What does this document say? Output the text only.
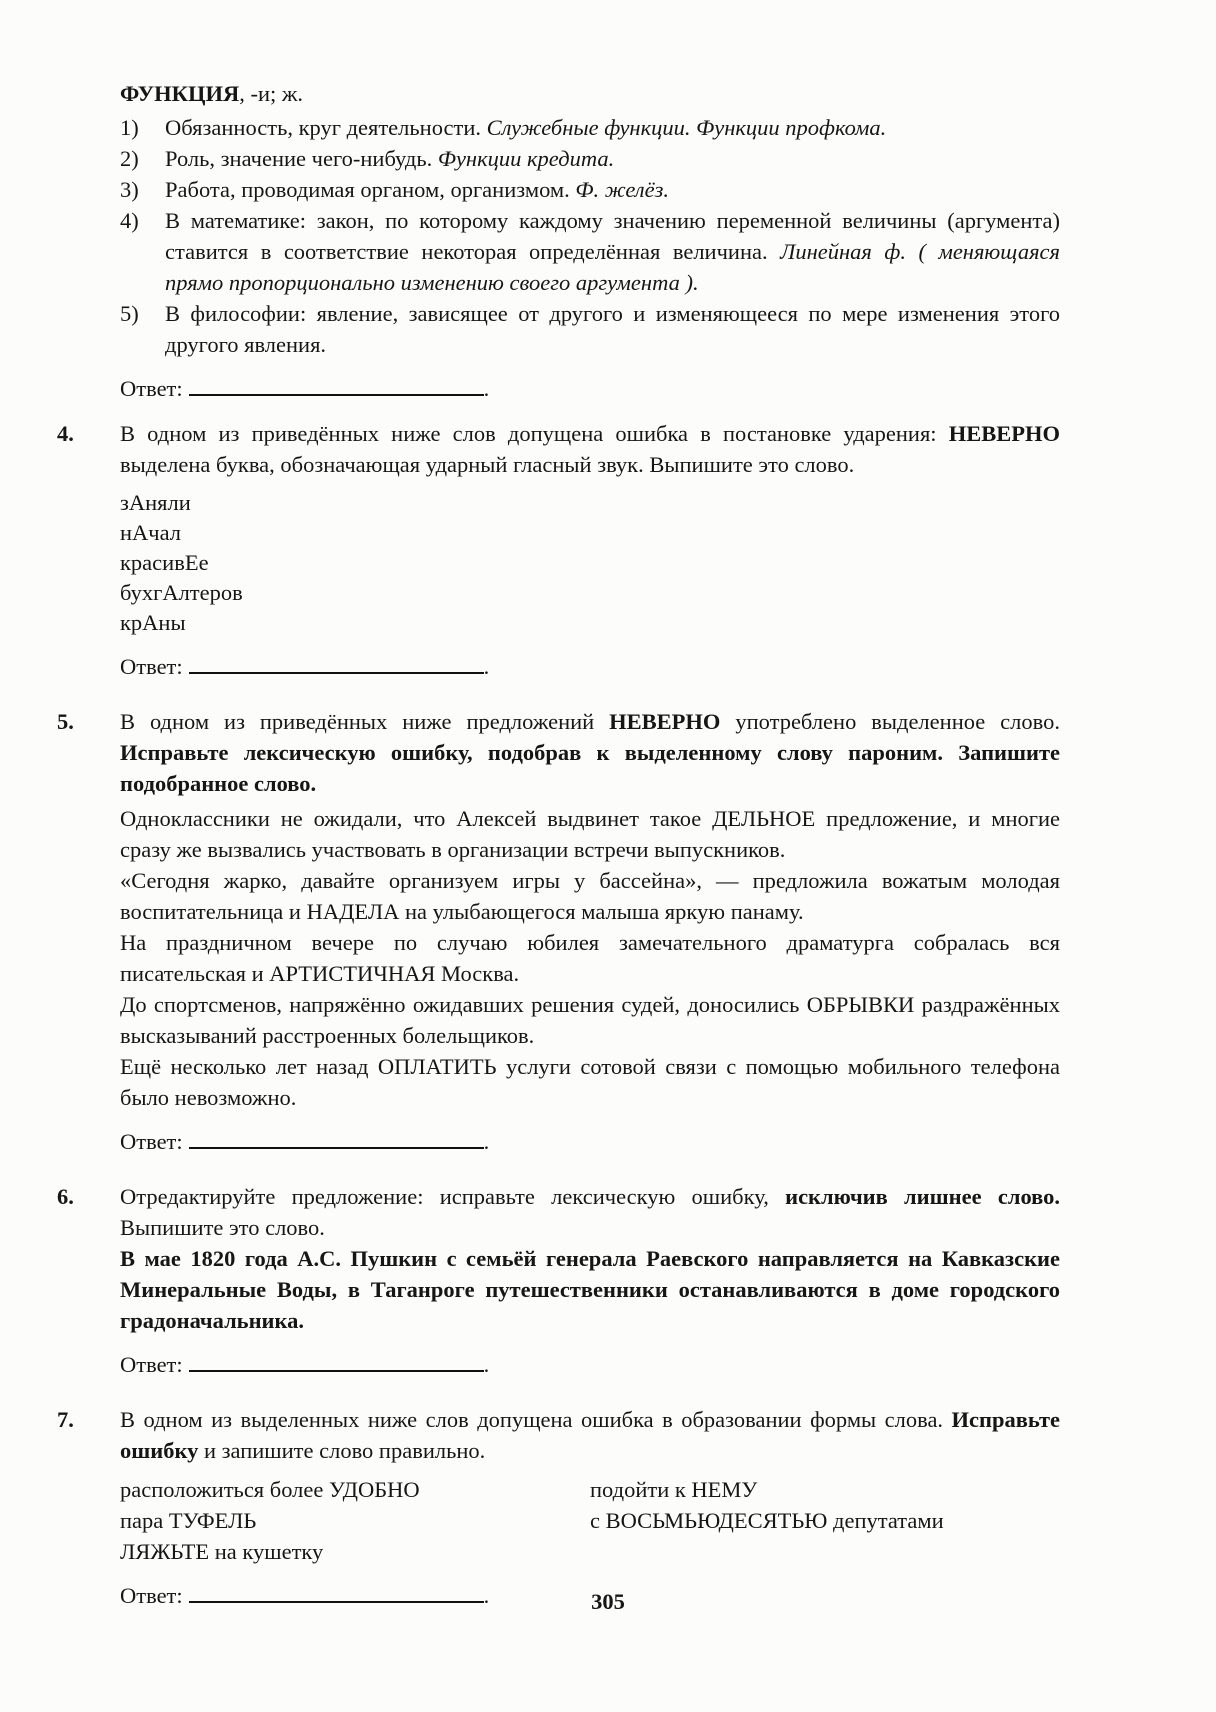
ФУНКЦИЯ, -и; ж.
1)	Обязанность, круг деятельности. Служебные функции. Функции профкома.
2)	Роль, значение чего-нибудь. Функции кредита.
3)	Работа, проводимая органом, организмом. Ф. желёз.
4)	В математике: закон, по которому каждому значению переменной величины (аргумента) ставится в соответствие некоторая определённая величина. Линейная ф. ( меняющаяся прямо пропорционально изменению своего аргумента ).
5)	В философии: явление, зависящее от другого и изменяющееся по мере изменения этого другого явления.
Ответ:	.
4.	В одном из приведённых ниже слов допущена ошибка в постановке ударения: НЕВЕРНО выделена буква, обозначающая ударный гласный звук. Выпишите это слово.

зАняли
нАчал
красивЕе
бухгАлтеров
крАны
Ответ:	.
5.	В одном из приведённых ниже предложений НЕВЕРНО употреблено выделенное слово. Исправьте лексическую ошибку, подобрав к выделенному слову пароним. Запишите подобранное слово.

Одноклассники не ожидали, что Алексей выдвинет такое ДЕЛЬНОЕ предложение, и многие сразу же вызвались участвовать в организации встречи выпускников.

«Сегодня жарко, давайте организуем игры у бассейна», — предложила вожатым молодая воспитательница и НАДЕЛА на улыбающегося малыша яркую панаму.

На праздничном вечере по случаю юбилея замечательного драматурга собралась вся писательская и АРТИСТИЧНАЯ Москва.

До спортсменов, напряжённо ожидавших решения судей, доносились ОБРЫВКИ раздражённых высказываний расстроенных болельщиков.

Ещё несколько лет назад ОПЛАТИТЬ услуги сотовой связи с помощью мобильного телефона было невозможно.

Ответ:	.
6.	Отредактируйте предложение: исправьте лексическую ошибку, исключив лишнее слово. Выпишите это слово.

В мае 1820 года А.С. Пушкин с семьёй генерала Раевского направляется на Кавказские Минеральные Воды, в Таганроге путешественники останавливаются в доме городского градоначальника.

Ответ:	.
7.	В одном из выделенных ниже слов допущена ошибка в образовании формы слова. Исправьте ошибку и запишите слово правильно.

расположиться более УДОБНО
пара ТУФЕЛЬ
ЛЯЖЬТЕ на кушетку
подойти к НЕМУ
с ВОСЬМЬЮДЕСЯТЬЮ депутатами
Ответ:	.	305
